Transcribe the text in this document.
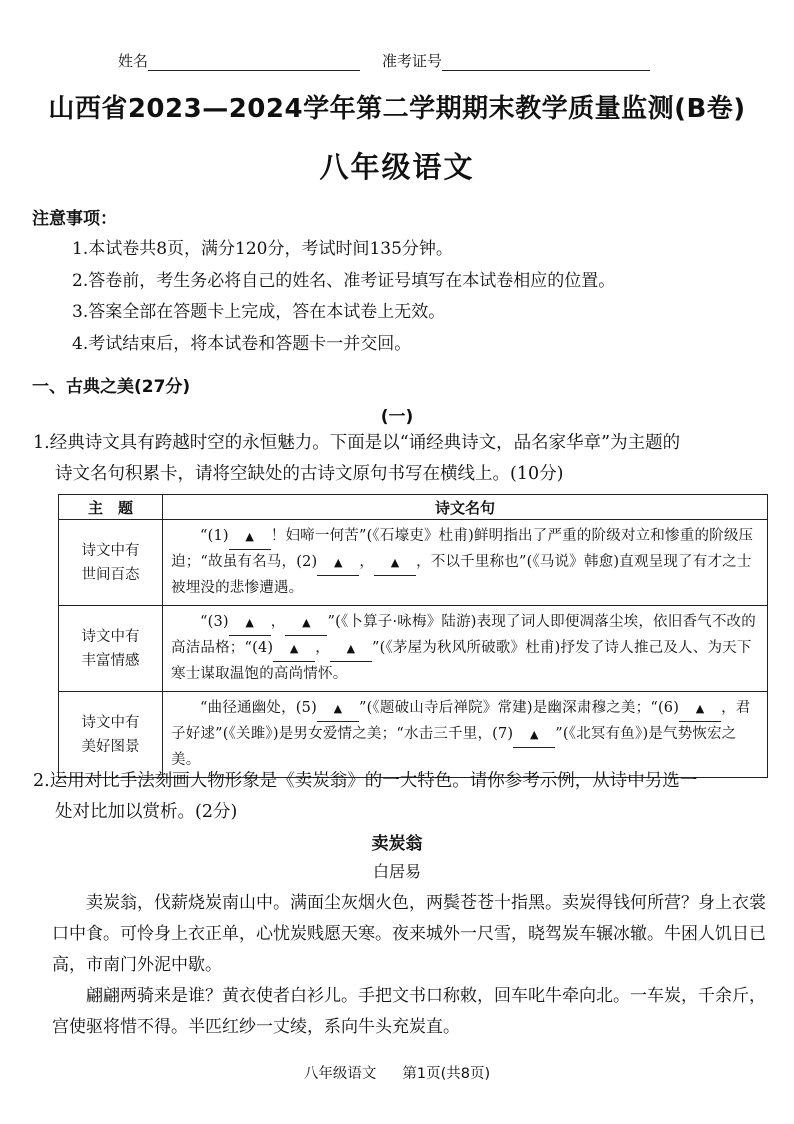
姓名	准考证号
山西省2023—2024学年第二学期期末教学质量监测(B卷)
八年级语文
注意事项：
1.本试卷共8页，满分120分，考试时间135分钟。
2.答卷前，考生务必将自己的姓名、准考证号填写在本试卷相应的位置。
3.答案全部在答题卡上完成，答在本试卷上无效。
4.考试结束后，将本试卷和答题卡一并交回。
一、古典之美(27分)
(一)
1.经典诗文具有跨越时空的永恒魅力。下面是以“诵经典诗文，品名家华章”为主题的
诗文名句积累卡，请将空缺处的古诗文原句书写在横线上。(10分)
主　题	诗文名句

诗文中有
世间百态	“(1) ▲ ！妇啼一何苦”(《石壕吏》杜甫)鲜明指出了严重的阶级对立和惨重的阶级压迫；“故虽有名马，(2) ▲ ， ▲ ，不以千里称也”(《马说》韩愈)直观呈现了有才之士被埋没的悲惨遭遇。

诗文中有
丰富情感	“(3) ▲ ， ▲ ”(《卜算子·咏梅》陆游)表现了词人即便凋落尘埃，依旧香气不改的高洁品格；“(4) ▲ ， ▲ ”(《茅屋为秋风所破歌》杜甫)抒发了诗人推己及人、为天下寒士谋取温饱的高尚情怀。

诗文中有
美好图景	“曲径通幽处，(5) ▲ ”(《题破山寺后禅院》常建)是幽深肃穆之美；“(6) ▲ ，君子好逑”(《关雎》)是男女爱情之美；“水击三千里，(7) ▲ ”(《北冥有鱼》)是气势恢宏之美。
2.运用对比手法刻画人物形象是《卖炭翁》的一大特色。请你参考示例，从诗中另选一
处对比加以赏析。(2分)
卖炭翁
白居易

卖炭翁，伐薪烧炭南山中。满面尘灰烟火色，两鬓苍苍十指黑。卖炭得钱何所营？身上衣裳口中食。可怜身上衣正单，心忧炭贱愿天寒。夜来城外一尺雪，晓驾炭车辗冰辙。牛困人饥日已高，市南门外泥中歇。

翩翩两骑来是谁？黄衣使者白衫儿。手把文书口称敕，回车叱牛牵向北。一车炭，千余斤，宫使驱将惜不得。半匹红纱一丈绫，系向牛头充炭直。

八年级语文 第1页(共8页)
